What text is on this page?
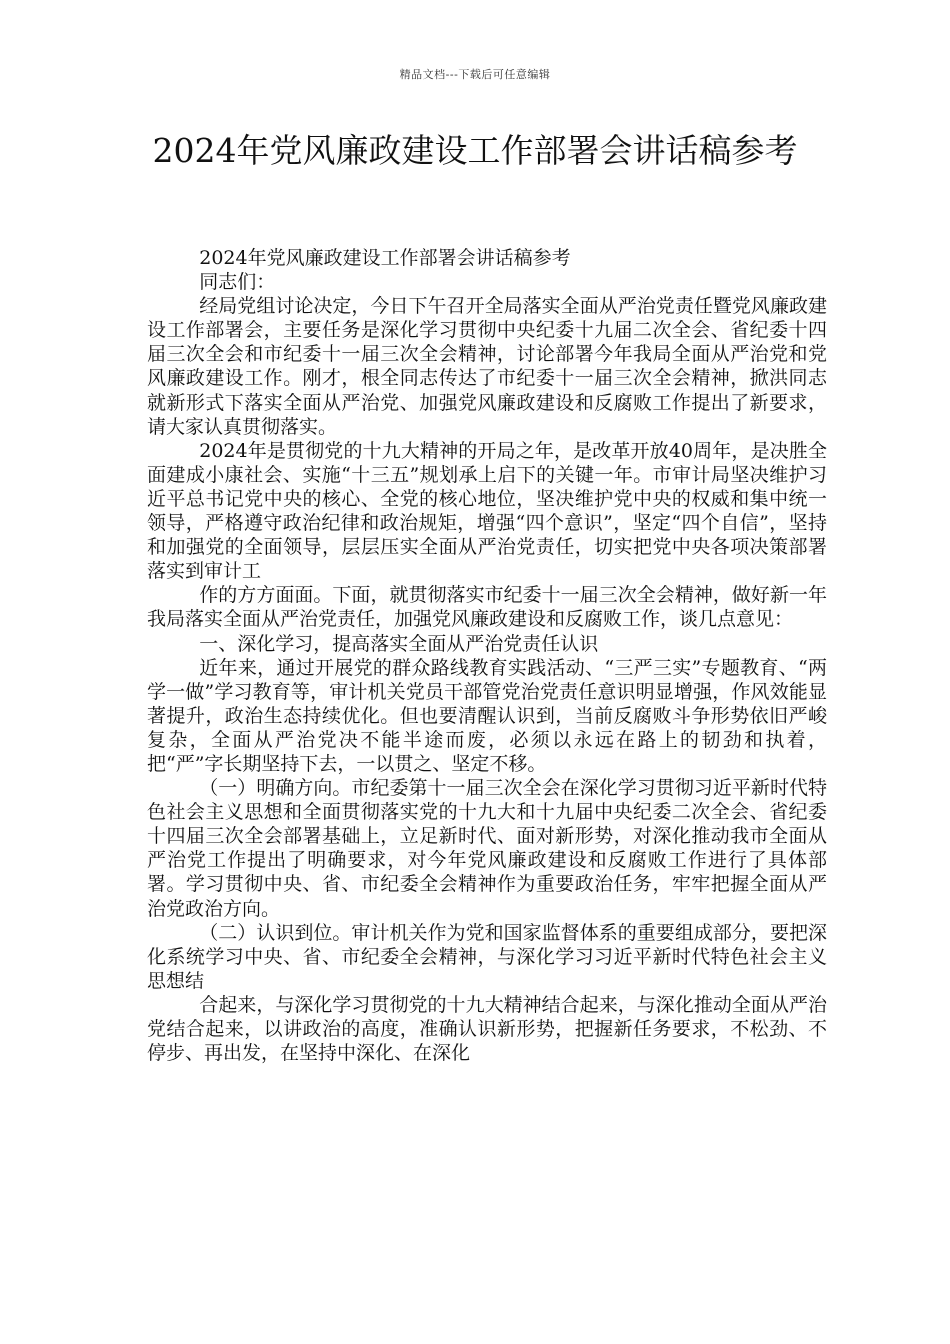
精品文档---下载后可任意编辑
2024年党风廉政建设工作部署会讲话稿参考

2024年党风廉政建设工作部署会讲话稿参考

同志们：

经局党组讨论决定，今日下午召开全局落实全面从严治党责任暨党风廉政建设工作部署会，主要任务是深化学习贯彻中央纪委十九届二次全会、省纪委十四届三次全会和市纪委十一届三次全会精神，讨论部署今年我局全面从严治党和党风廉政建设工作。刚才，根全同志传达了市纪委十一届三次全会精神，掀洪同志就新形式下落实全面从严治党、加强党风廉政建设和反腐败工作提出了新要求，请大家认真贯彻落实。

2024年是贯彻党的十九大精神的开局之年，是改革开放40周年，是决胜全面建成小康社会、实施“十三五”规划承上启下的关键一年。市审计局坚决维护习近平总书记党中央的核心、全党的核心地位，坚决维护党中央的权威和集中统一领导，严格遵守政治纪律和政治规矩，增强“四个意识”，坚定“四个自信”，坚持和加强党的全面领导，层层压实全面从严治党责任，切实把党中央各项决策部署落实到审计工

作的方方面面。下面，就贯彻落实市纪委十一届三次全会精神，做好新一年我局落实全面从严治党责任，加强党风廉政建设和反腐败工作，谈几点意见：

一、深化学习，提高落实全面从严治党责任认识

近年来，通过开展党的群众路线教育实践活动、“三严三实”专题教育、“两学一做”学习教育等，审计机关党员干部管党治党责任意识明显增强，作风效能显著提升，政治生态持续优化。但也要清醒认识到，当前反腐败斗争形势依旧严峻复杂，全面从严治党决不能半途而废，必须以永远在路上的韧劲和执着，把“严”字长期坚持下去，一以贯之、坚定不移。

（一）明确方向。市纪委第十一届三次全会在深化学习贯彻习近平新时代特色社会主义思想和全面贯彻落实党的十九大和十九届中央纪委二次全会、省纪委十四届三次全会部署基础上，立足新时代、面对新形势，对深化推动我市全面从严治党工作提出了明确要求，对今年党风廉政建设和反腐败工作进行了具体部署。学习贯彻中央、省、市纪委全会精神作为重要政治任务，牢牢把握全面从严治党政治方向。

（二）认识到位。审计机关作为党和国家监督体系的重要组成部分，要把深化系统学习中央、省、市纪委全会精神，与深化学习习近平新时代特色社会主义思想结

合起来，与深化学习贯彻党的十九大精神结合起来，与深化推动全面从严治党结合起来，以讲政治的高度，准确认识新形势，把握新任务要求，不松劲、不停步、再出发，在坚持中深化、在深化
